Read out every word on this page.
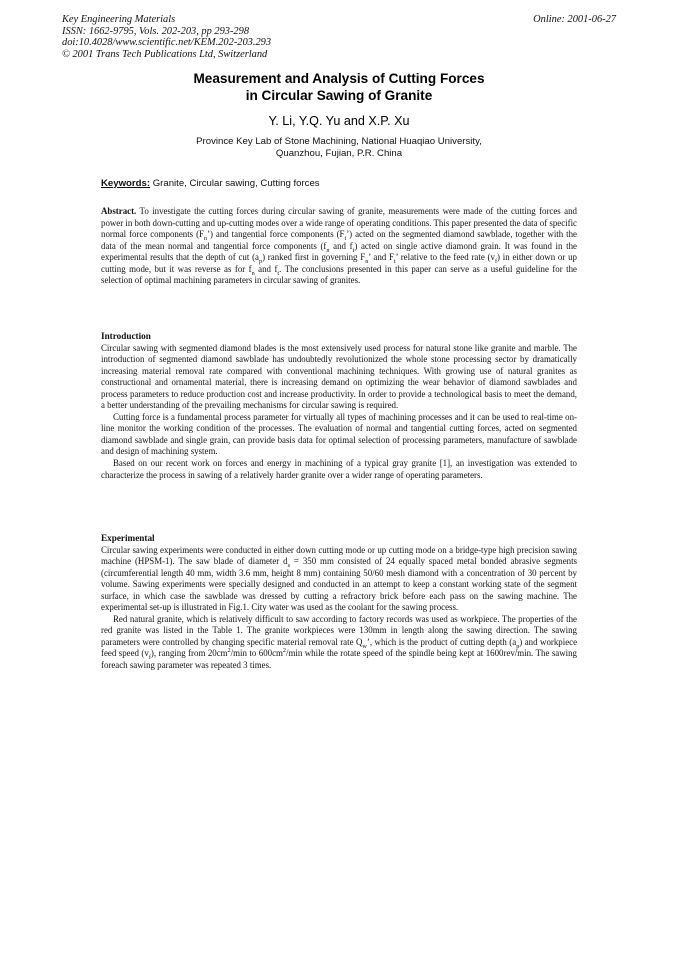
Key Engineering Materials
ISSN: 1662-9795, Vols. 202-203, pp 293-298
doi:10.4028/www.scientific.net/KEM.202-203.293
© 2001 Trans Tech Publications Ltd, Switzerland
Online: 2001-06-27
Measurement and Analysis of Cutting Forces
in Circular Sawing of Granite
Y. Li, Y.Q. Yu and X.P. Xu
Province Key Lab of Stone Machining, National Huaqiao University,
Quanzhou, Fujian, P.R. China
Keywords: Granite, Circular sawing, Cutting forces

Abstract. To investigate the cutting forces during circular sawing of granite, measurements were made of the cutting forces and power in both down-cutting and up-cutting modes over a wide range of operating conditions. This paper presented the data of specific normal force components $(F_n’)$ and tangential force components $(F_t’)$ acted on the segmented diamond sawblade, together with the data of the mean normal and tangential force components ($f_n$ and $f_t$) acted on single active diamond grain. It was found in the experimental results that the depth of cut $(a_p)$ ranked first in governing $F_n$’ and $F_t$’ relative to the feed rate $(v_f)$ in either down or up cutting mode, but it was reverse as for $f_n$ and $f_t$. The conclusions presented in this paper can serve as a useful guideline for the selection of optimal machining parameters in circular sawing of granites.

Introduction

Circular sawing with segmented diamond blades is the most extensively used process for natural stone like granite and marble. The introduction of segmented diamond sawblade has undoubtedly revolutionized the whole stone processing sector by dramatically increasing material removal rate compared with conventional machining techniques. With growing use of natural granites as constructional and ornamental material, there is increasing demand on optimizing the wear behavior of diamond sawblades and process parameters to reduce production cost and increase productivity. In order to provide a technological basis to meet the demand, a better understanding of the prevailing mechanisms for circular sawing is required.

Cutting force is a fundamental process parameter for virtually all types of machining processes and it can be used to real-time on-line monitor the working condition of the processes. The evaluation of normal and tangential cutting forces, acted on segmented diamond sawblade and single grain, can provide basis data for optimal selection of processing parameters, manufacture of sawblade and design of machining system.

Based on our recent work on forces and energy in machining of a typical gray granite [1], an investigation was extended to characterize the process in sawing of a relatively harder granite over a wider range of operating parameters.

Experimental

Circular sawing experiments were conducted in either down cutting mode or up cutting mode on a bridge-type high precision sawing machine (HPSM-1). The saw blade of diameter $d_s = 350$ mm consisted of 24 equally spaced metal bonded abrasive segments (circumferential length 40 mm, width 3.6 mm, height 8 mm) containing 50/60 mesh diamond with a concentration of 30 percent by volume. Sawing experiments were specially designed and conducted in an attempt to keep a constant working state of the segment surface, in which case the sawblade was dressed by cutting a refractory brick before each pass on the sawing machine. The experimental set-up is illustrated in Fig.1. City water was used as the coolant for the sawing process.

Red natural granite, which is relatively difficult to saw according to factory records was used as workpiece. The properties of the red granite was listed in the Table 1. The granite workpieces were 130mm in length along the sawing direction. The sawing parameters were controlled by changing specific material removal rate $Q_w$’, which is the product of cutting depth $(a_p)$ and workpiece feed speed $(v_f)$, ranging from $20cm^2/\min$ to $600cm^2/\min$ while the rotate speed of the spindle being kept at 1600rev/min. The sawing foreach sawing parameter was repeated 3 times.
